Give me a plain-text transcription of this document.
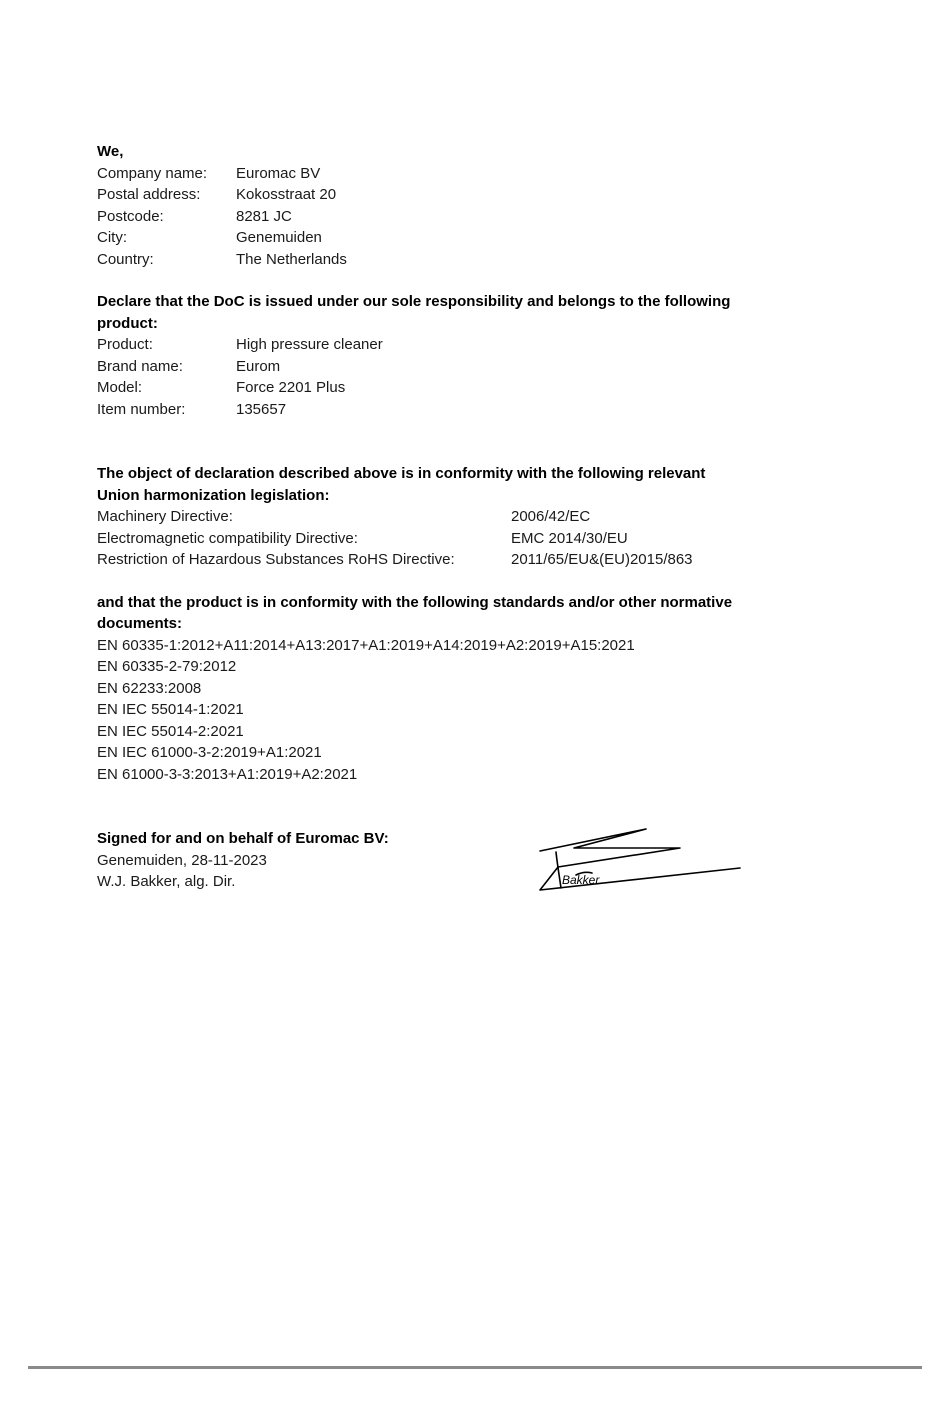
We,
Company name:	Euromac BV
Postal address:	Kokosstraat 20
Postcode:	8281 JC
City:	Genemuiden
Country:	The Netherlands
Declare that the DoC is issued under our sole responsibility and belongs to the following
product:
Product:	High pressure cleaner
Brand name:	Eurom
Model:	Force 2201 Plus
Item number:	135657
The object of declaration described above is in conformity with the following relevant
Union harmonization legislation:
Machinery Directive:	2006/42/EC
Electromagnetic compatibility Directive:	EMC 2014/30/EU
Restriction of Hazardous Substances RoHS Directive:	2011/65/EU&(EU)2015/863
and that the product is in conformity with the following standards and/or other normative
documents:
EN 60335-1:2012+A11:2014+A13:2017+A1:2019+A14:2019+A2:2019+A15:2021
EN 60335-2-79:2012
EN 62233:2008
EN IEC 55014-1:2021
EN IEC 55014-2:2021
EN IEC 61000-3-2:2019+A1:2021
EN 61000-3-3:2013+A1:2019+A2:2021
Signed for and on behalf of Euromac BV:
Genemuiden, 28-11-2023
W.J. Bakker, alg. Dir.	Bakker.
